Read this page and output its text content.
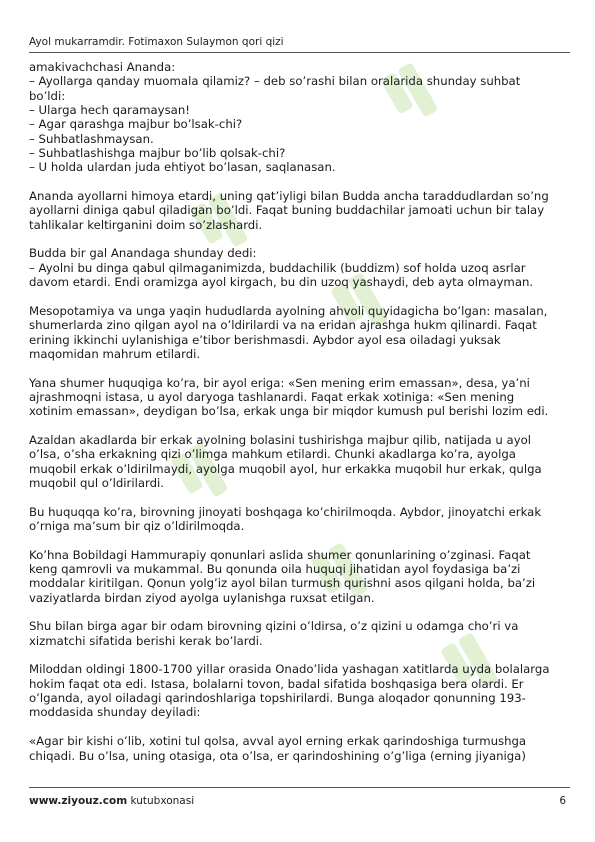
Ayol mukarramdir. Fotimaxon Sulaymon qori qizi
amakivachchasi Ananda:
– Ayollarga qanday muomala qilamiz? – deb so’rashi bilan oralarida shunday suhbat
bo’ldi:
– Ularga hech qaramaysan!
– Agar qarashga majbur bo’lsak-chi?
– Suhbatlashmaysan.
– Suhbatlashishga majbur bo’lib qolsak-chi?
– U holda ulardan juda ehtiyot bo’lasan, saqlanasan.
Ananda ayollarni himoya etardi, uning qat’iyligi bilan Budda ancha taraddudlardan so’ng
ayollarni diniga qabul qiladigan bo’ldi. Faqat buning buddachilar jamoati uchun bir talay
tahlikalar keltirganini doim so’zlashardi.
Budda bir gal Anandaga shunday dedi:
– Ayolni bu dinga qabul qilmaganimizda, buddachilik (buddizm) sof holda uzoq asrlar
davom etardi. Endi oramizga ayol kirgach, bu din uzoq yashaydi, deb ayta olmayman.
Mesopotamiya va unga yaqin hududlarda ayolning ahvoli quyidagicha bo’lgan: masalan,
shumerlarda zino qilgan ayol na o’ldirilardi va na eridan ajrashga hukm qilinardi. Faqat
erining ikkinchi uylanishiga e’tibor berishmasdi. Aybdor ayol esa oiladagi yuksak
maqomidan mahrum etilardi.
Yana shumer huquqiga ko’ra, bir ayol eriga: «Sen mening erim emassan», desa, ya’ni
ajrashmoqni istasa, u ayol daryoga tashlanardi. Faqat erkak xotiniga: «Sen mening
xotinim emassan», deydigan bo’lsa, erkak unga bir miqdor kumush pul berishi lozim edi.
Azaldan akadlarda bir erkak ayolning bolasini tushirishga majbur qilib, natijada u ayol
o’lsa, o’sha erkakning qizi o’limga mahkum etilardi. Chunki akadlarga ko’ra, ayolga
muqobil erkak o’ldirilmaydi, ayolga muqobil ayol, hur erkakka muqobil hur erkak, qulga
muqobil qul o’ldirilardi.
Bu huquqqa ko’ra, birovning jinoyati boshqaga ko’chirilmoqda. Aybdor, jinoyatchi erkak
o’rniga ma’sum bir qiz o’ldirilmoqda.
Ko’hna Bobildagi Hammurapiy qonunlari aslida shumer qonunlarining o’zginasi. Faqat
keng qamrovli va mukammal. Bu qonunda oila huquqi jihatidan ayol foydasiga ba’zi
moddalar kiritilgan. Qonun yolg’iz ayol bilan turmush qurishni asos qilgani holda, ba’zi
vaziyatlarda birdan ziyod ayolga uylanishga ruxsat etilgan.
Shu bilan birga agar bir odam birovning qizini o’ldirsa, o’z qizini u odamga cho’ri va
xizmatchi sifatida berishi kerak bo’lardi.
Miloddan oldingi 1800-1700 yillar orasida Onado’lida yashagan xatitlarda uyda bolalarga
hokim faqat ota edi. Istasa, bolalarni tovon, badal sifatida boshqasiga bera olardi. Er
o’lganda, ayol oiladagi qarindoshlariga topshirilardi. Bunga aloqador qonunning 193-
moddasida shunday deyiladi:
«Agar bir kishi o’lib, xotini tul qolsa, avval ayol erning erkak qarindoshiga turmushga
chiqadi. Bu o’lsa, uning otasiga, ota o’lsa, er qarindoshining o’g’liga (erning jiyaniga)
www.ziyouz.com kutubxonasi	6
